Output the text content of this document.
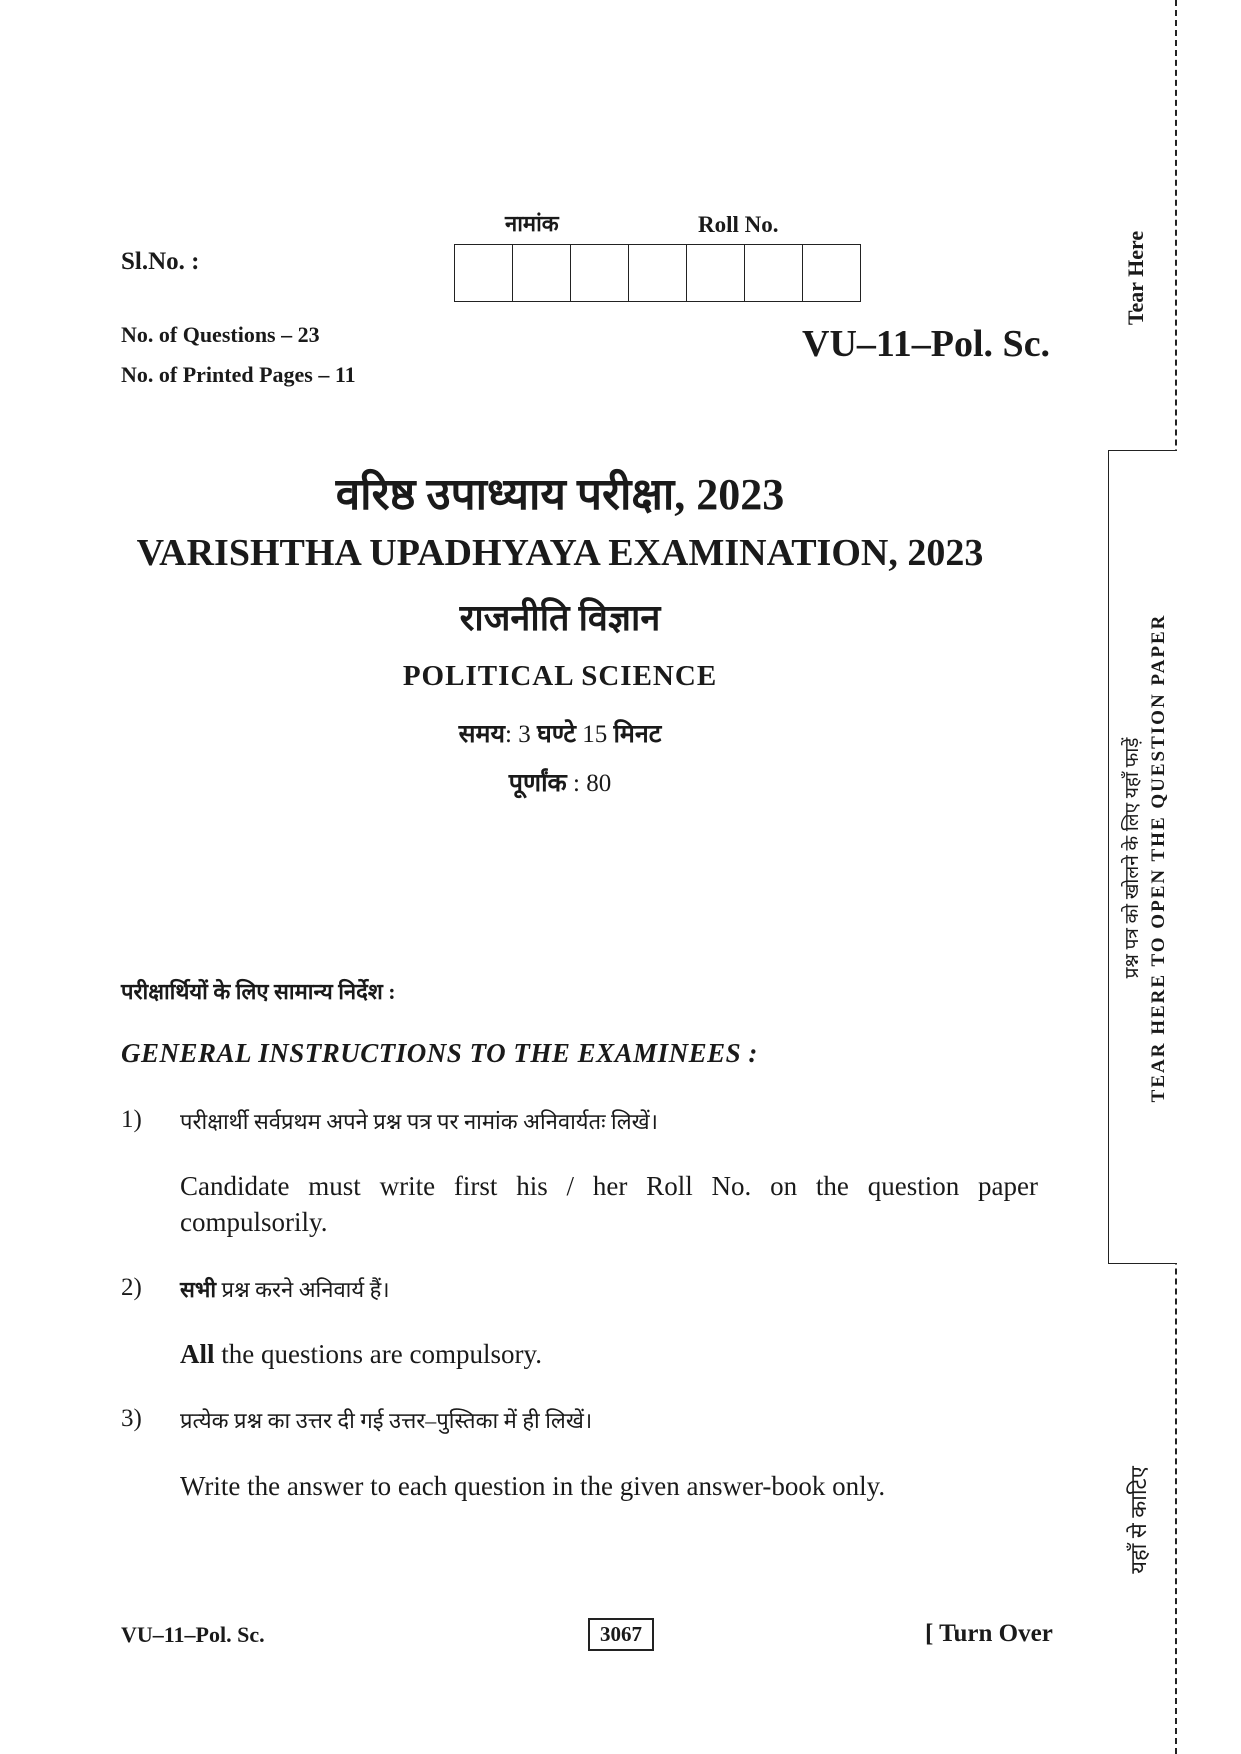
Sl.No. :
नामांक	Roll No.
No. of Questions – 23
No. of Printed Pages – 11
VU–11–Pol. Sc.
वरिष्ठ उपाध्याय परीक्षा, 2023
VARISHTHA UPADHYAYA EXAMINATION, 2023
राजनीति विज्ञान
POLITICAL SCIENCE
समय: 3 घण्टे 15 मिनट
पूर्णांक : 80
परीक्षार्थियों के लिए सामान्य निर्देश :
GENERAL INSTRUCTIONS TO THE EXAMINEES :
1) परीक्षार्थी सर्वप्रथम अपने प्रश्न पत्र पर नामांक अनिवार्यतः लिखें।
Candidate must write first his / her Roll No. on the question paper compulsorily.
2) सभी प्रश्न करने अनिवार्य हैं।
All the questions are compulsory.
3) प्रत्येक प्रश्न का उत्तर दी गई उत्तर–पुस्तिका में ही लिखें।
Write the answer to each question in the given answer-book only.
VU–11–Pol. Sc.	3067	[ Turn Over
Tear Here
प्रश्न पत्र को खोलने के लिए यहाँ फाड़ें TEAR HERE TO OPEN THE QUESTION PAPER
यहाँ से काटिए
